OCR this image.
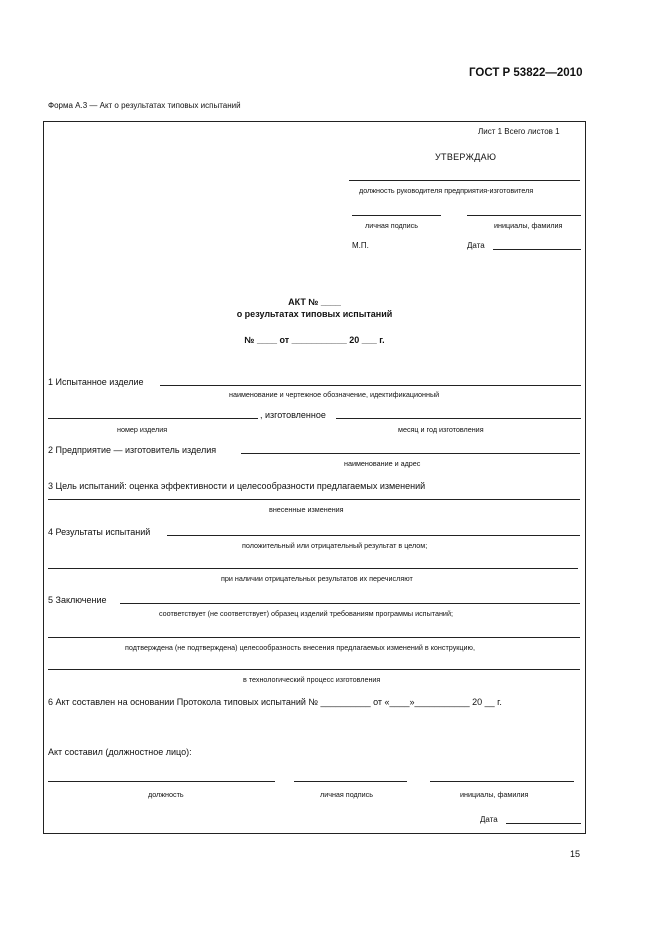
ГОСТ Р 53822—2010
Форма А.3 — Акт о результатах типовых испытаний
Лист 1 Всего листов 1
УТВЕРЖДАЮ
должность руководителя предприятия-изготовителя
личная подпись	инициалы, фамилия
М.П.	Дата
АКТ № ____
о результатах типовых испытаний
№ ____ от ___________ 20 ___ г.
1 Испытанное изделие
наименование и чертежное обозначение, идектификационный
, изготовленное
номер изделия	месяц и год изготовления
2 Предприятие — изготовитель изделия
наименование и адрес
3 Цель испытаний: оценка эффективности и целесообразности предлагаемых изменений
внесенные изменения
4 Результаты испытаний
положительный или отрицательный результат в целом;
при наличии отрицательных результатов их перечисляют
5 Заключение
соответствует (не соответствует) образец изделий требованиям программы испытаний;
подтверждена (не подтверждена) целесообразность внесения предлагаемых изменений в конструкцию,
в технологический процесс изготовления
6 Акт составлен на основании Протокола типовых испытаний № __________ от «____»___________ 20 __ г.
Акт составил (должностное лицо):
должность	личная подпись	инициалы, фамилия
Дата
15
